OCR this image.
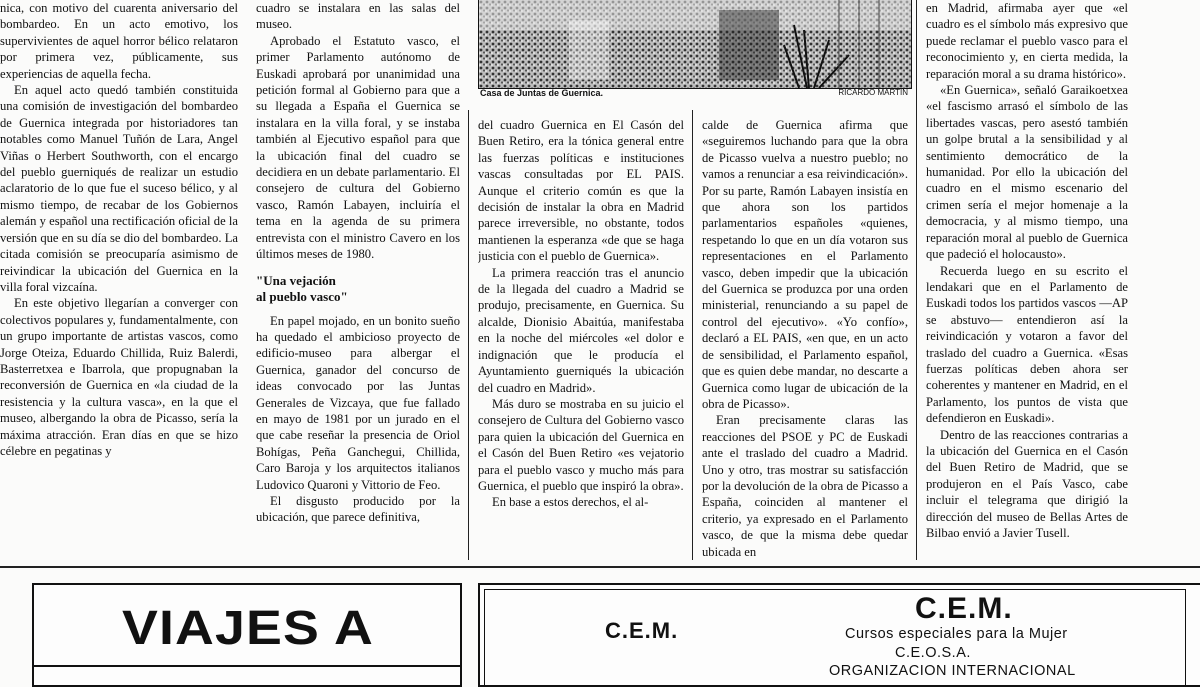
nica, con motivo del cuarenta aniversario del bombardeo. En un acto emotivo, los supervivientes de aquel horror bélico relataron por primera vez, públicamente, sus experiencias de aquella fecha.

En aquel acto quedó también constituida una comisión de investigación del bombardeo de Guernica integrada por historiadores tan notables como Manuel Tuñón de Lara, Angel Viñas o Herbert Southworth, con el encargo del pueblo guerniqués de realizar un estudio aclaratorio de lo que fue el suceso bélico, y al mismo tiempo, de recabar de los Gobiernos alemán y español una rectificación oficial de la versión que en su día se dio del bombardeo. La citada comisión se preocuparía asimismo de reivindicar la ubicación del Guernica en la villa foral vizcaína.

En este objetivo llegarían a converger con colectivos populares y, fundamentalmente, con un grupo importante de artistas vascos, como Jorge Oteiza, Eduardo Chillida, Ruiz Balerdi, Basterretxea e Ibarrola, que propugnaban la reconversión de Guernica en «la ciudad de la resistencia y la cultura vasca», en la que el museo, albergando la obra de Picasso, sería la máxima atracción. Eran días en que se hizo célebre en pegatinas y

cuadro se instalara en las salas del museo.

Aprobado el Estatuto vasco, el primer Parlamento autónomo de Euskadi aprobará por unanimidad una petición formal al Gobierno para que a su llegada a España el Guernica se instalara en la villa foral, y se instaba también al Ejecutivo español para que la ubicación final del cuadro se decidiera en un debate parlamentario. El consejero de cultura del Gobierno vasco, Ramón Labayen, incluiría el tema en la agenda de su primera entrevista con el ministro Cavero en los últimos meses de 1980.

"Una vejación
al pueblo vasco"

En papel mojado, en un bonito sueño ha quedado el ambicioso proyecto de edificio-museo para albergar el Guernica, ganador del concurso de ideas convocado por las Juntas Generales de Vizcaya, que fue fallado en mayo de 1981 por un jurado en el que cabe reseñar la presencia de Oriol Bohígas, Peña Ganchegui, Chillida, Caro Baroja y los arquitectos italianos Ludovico Quaroni y Vittorio de Feo.

El disgusto producido por la ubicación, que parece definitiva,

Casa de Juntas de Guernica.	RICARDO MARTIN

del cuadro Guernica en El Casón del Buen Retiro, era la tónica general entre las fuerzas políticas e instituciones vascas consultadas por EL PAIS. Aunque el criterio común es que la decisión de instalar la obra en Madrid parece irreversible, no obstante, todos mantienen la esperanza «de que se haga justicia con el pueblo de Guernica».

La primera reacción tras el anuncio de la llegada del cuadro a Madrid se produjo, precisamente, en Guernica. Su alcalde, Dionisio Abaitúa, manifestaba en la noche del miércoles «el dolor e indignación que le producía el Ayuntamiento guerniqués la ubicación del cuadro en Madrid».

Más duro se mostraba en su juicio el consejero de Cultura del Gobierno vasco para quien la ubicación del Guernica en el Casón del Buen Retiro «es vejatorio para el pueblo vasco y mucho más para Guernica, el pueblo que inspiró la obra».

En base a estos derechos, el al-

calde de Guernica afirma que «seguiremos luchando para que la obra de Picasso vuelva a nuestro pueblo; no vamos a renunciar a esa reivindicación». Por su parte, Ramón Labayen insistía en que ahora son los partidos parlamentarios españoles «quienes, respetando lo que en un día votaron sus representaciones en el Parlamento vasco, deben impedir que la ubicación del Guernica se produzca por una orden ministerial, renunciando a su papel de control del ejecutivo». «Yo confío», declaró a EL PAIS, «en que, en un acto de sensibilidad, el Parlamento español, que es quien debe mandar, no descarte a Guernica como lugar de ubicación de la obra de Picasso».

Eran precisamente claras las reacciones del PSOE y PC de Euskadi ante el traslado del cuadro a Madrid. Uno y otro, tras mostrar su satisfacción por la devolución de la obra de Picasso a España, coinciden al mantener el criterio, ya expresado en el Parlamento vasco, de que la misma debe quedar ubicada en

en Madrid, afirmaba ayer que «el cuadro es el símbolo más expresivo que puede reclamar el pueblo vasco para el reconocimiento y, en cierta medida, la reparación moral a su drama histórico».

«En Guernica», señaló Garaikoetxea «el fascismo arrasó el símbolo de las libertades vascas, pero asestó también un golpe brutal a la sensibilidad y al sentimiento democrático de la humanidad. Por ello la ubicación del cuadro en el mismo escenario del crimen sería el mejor homenaje a la democracia, y al mismo tiempo, una reparación moral al pueblo de Guernica que padeció el holocausto».

Recuerda luego en su escrito el lendakari que en el Parlamento de Euskadi todos los partidos vascos —AP se abstuvo— entendieron así la reivindicación y votaron a favor del traslado del cuadro a Guernica. «Esas fuerzas políticas deben ahora ser coherentes y mantener en Madrid, en el Parlamento, los puntos de vista que defendieron en Euskadi».

Dentro de las reacciones contrarias a la ubicación del Guernica en el Casón del Buen Retiro de Madrid, que se produjeron en el País Vasco, cabe incluir el telegrama que dirigió la dirección del museo de Bellas Artes de Bilbao envió a Javier Tusell.

VIAJES A	C.E.M.
C.E.M.
Cursos especiales para la Mujer
C.E.O.S.A.
ORGANIZACION INTERNACIONAL
